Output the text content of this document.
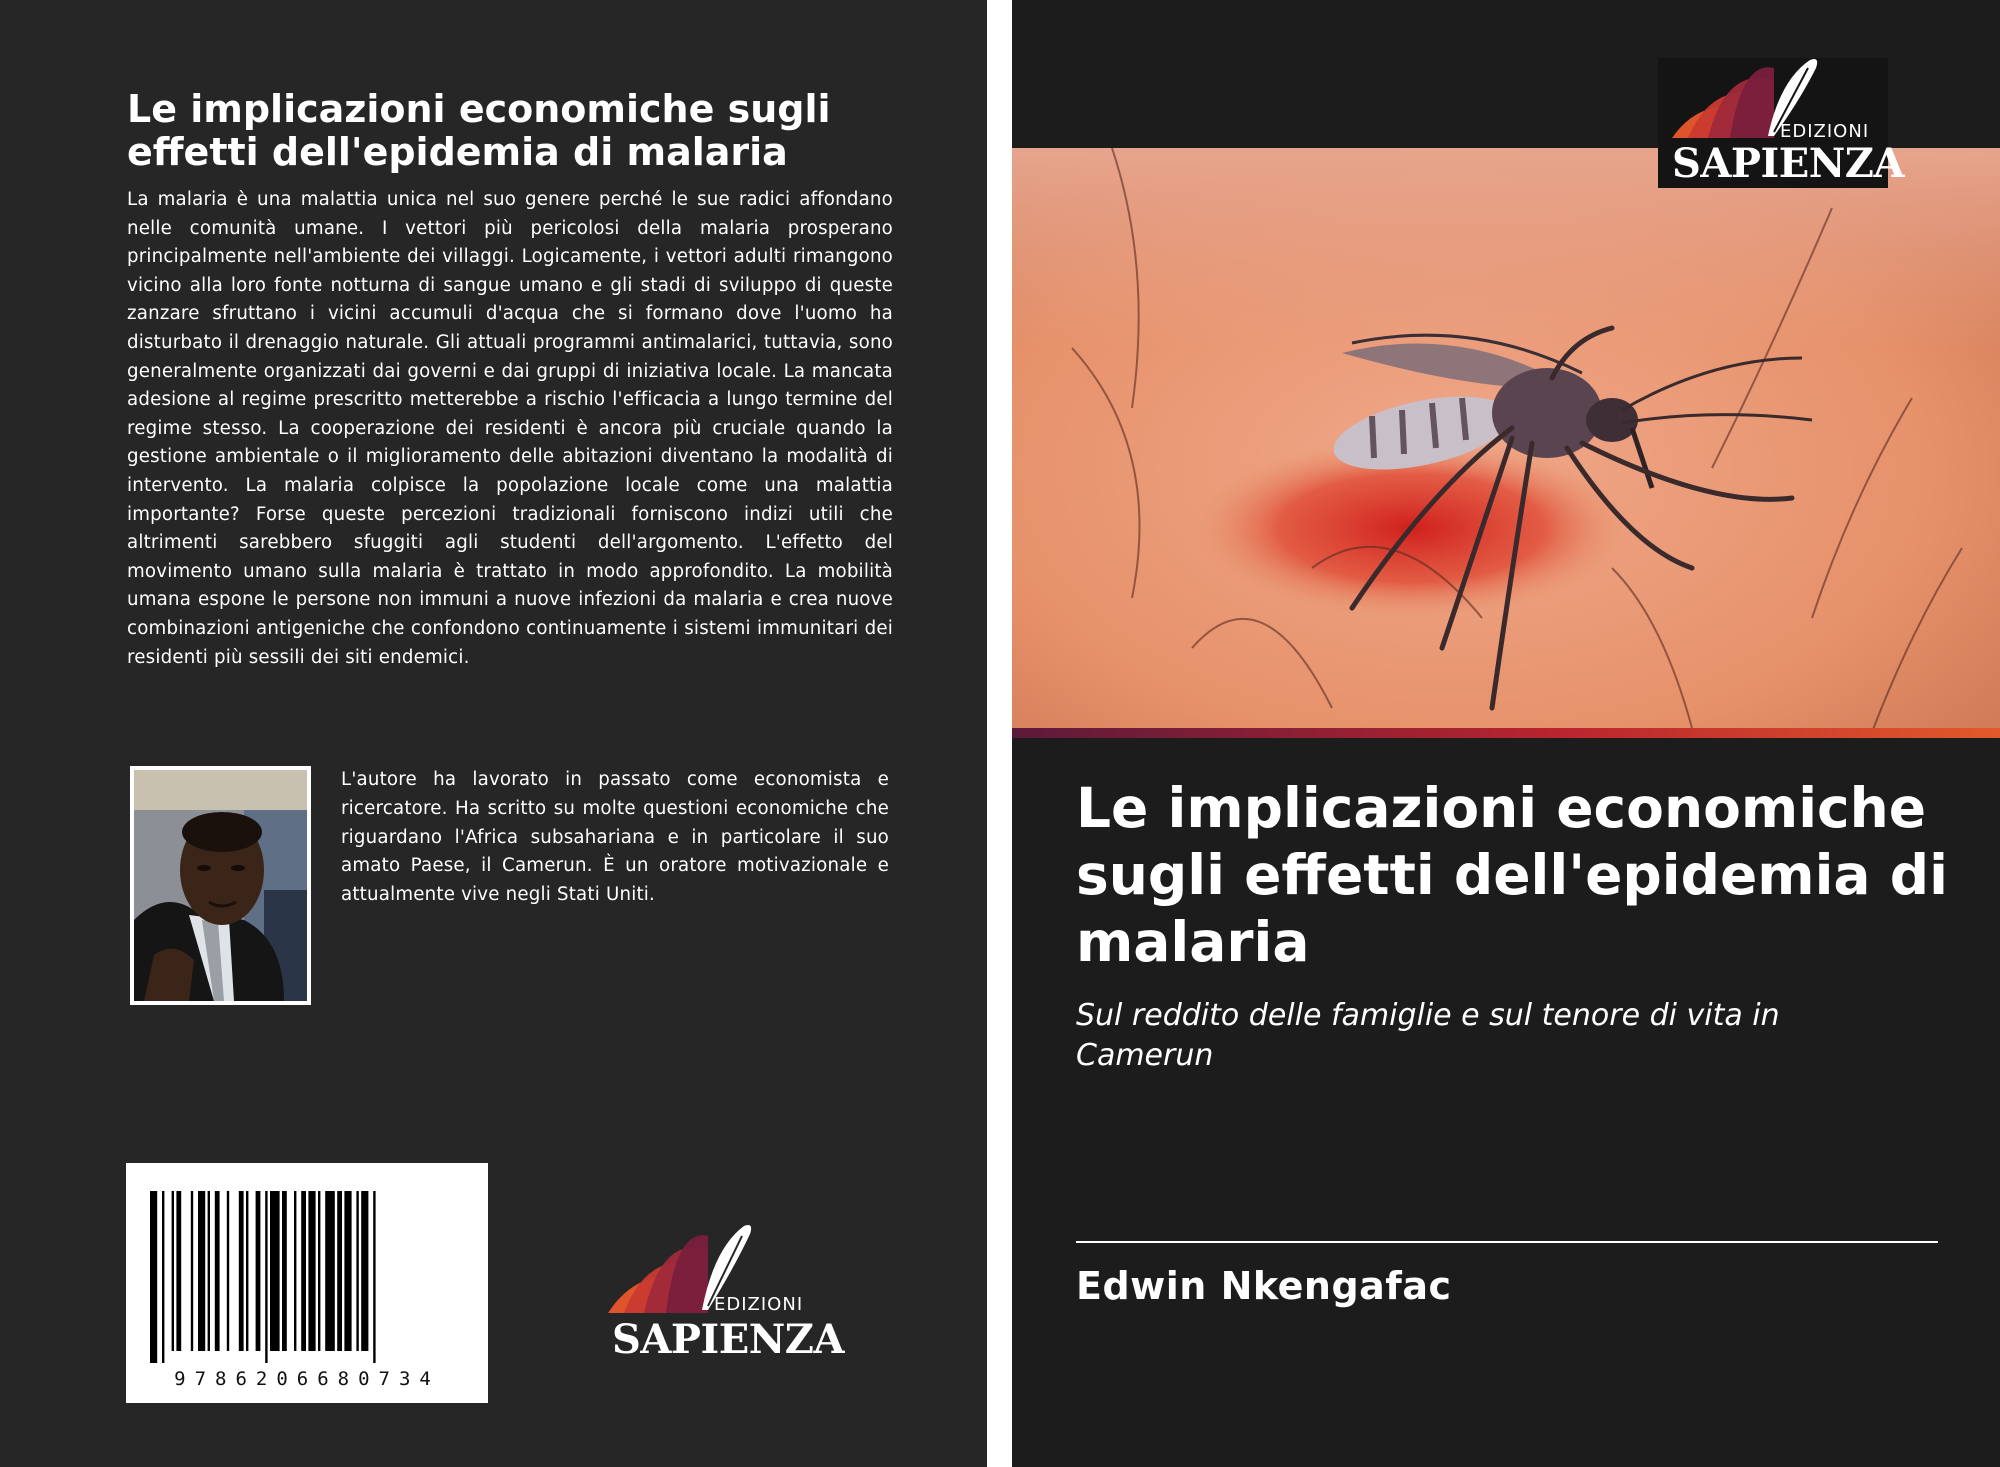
Le implicazioni economiche sugli effetti dell'epidemia di malaria
La malaria è una malattia unica nel suo genere perché le sue radici affondano nelle comunità umane. I vettori più pericolosi della malaria prosperano principalmente nell'ambiente dei villaggi. Logicamente, i vettori adulti rimangono vicino alla loro fonte notturna di sangue umano e gli stadi di sviluppo di queste zanzare sfruttano i vicini accumuli d'acqua che si formano dove l'uomo ha disturbato il drenaggio naturale. Gli attuali programmi antimalarici, tuttavia, sono generalmente organizzati dai governi e dai gruppi di iniziativa locale. La mancata adesione al regime prescritto metterebbe a rischio l'efficacia a lungo termine del regime stesso. La cooperazione dei residenti è ancora più cruciale quando la gestione ambientale o il miglioramento delle abitazioni diventano la modalità di intervento. La malaria colpisce la popolazione locale come una malattia importante? Forse queste percezioni tradizionali forniscono indizi utili che altrimenti sarebbero sfuggiti agli studenti dell'argomento. L'effetto del movimento umano sulla malaria è trattato in modo approfondito. La mobilità umana espone le persone non immuni a nuove infezioni da malaria e crea nuove combinazioni antigeniche che confondono continuamente i sistemi immunitari dei residenti più sessili dei siti endemici.
L'autore ha lavorato in passato come economista e ricercatore. Ha scritto su molte questioni economiche che riguardano l'Africa subsahariana e in particolare il suo amato Paese, il Camerun. È un oratore motivazionale e attualmente vive negli Stati Uniti.
9786206680734
EDIZIONI
SAPIENZA
EDIZIONI
SAPIENZA
Le implicazioni economiche sugli effetti dell'epidemia di malaria
Sul reddito delle famiglie e sul tenore di vita in Camerun
Edwin Nkengafac
